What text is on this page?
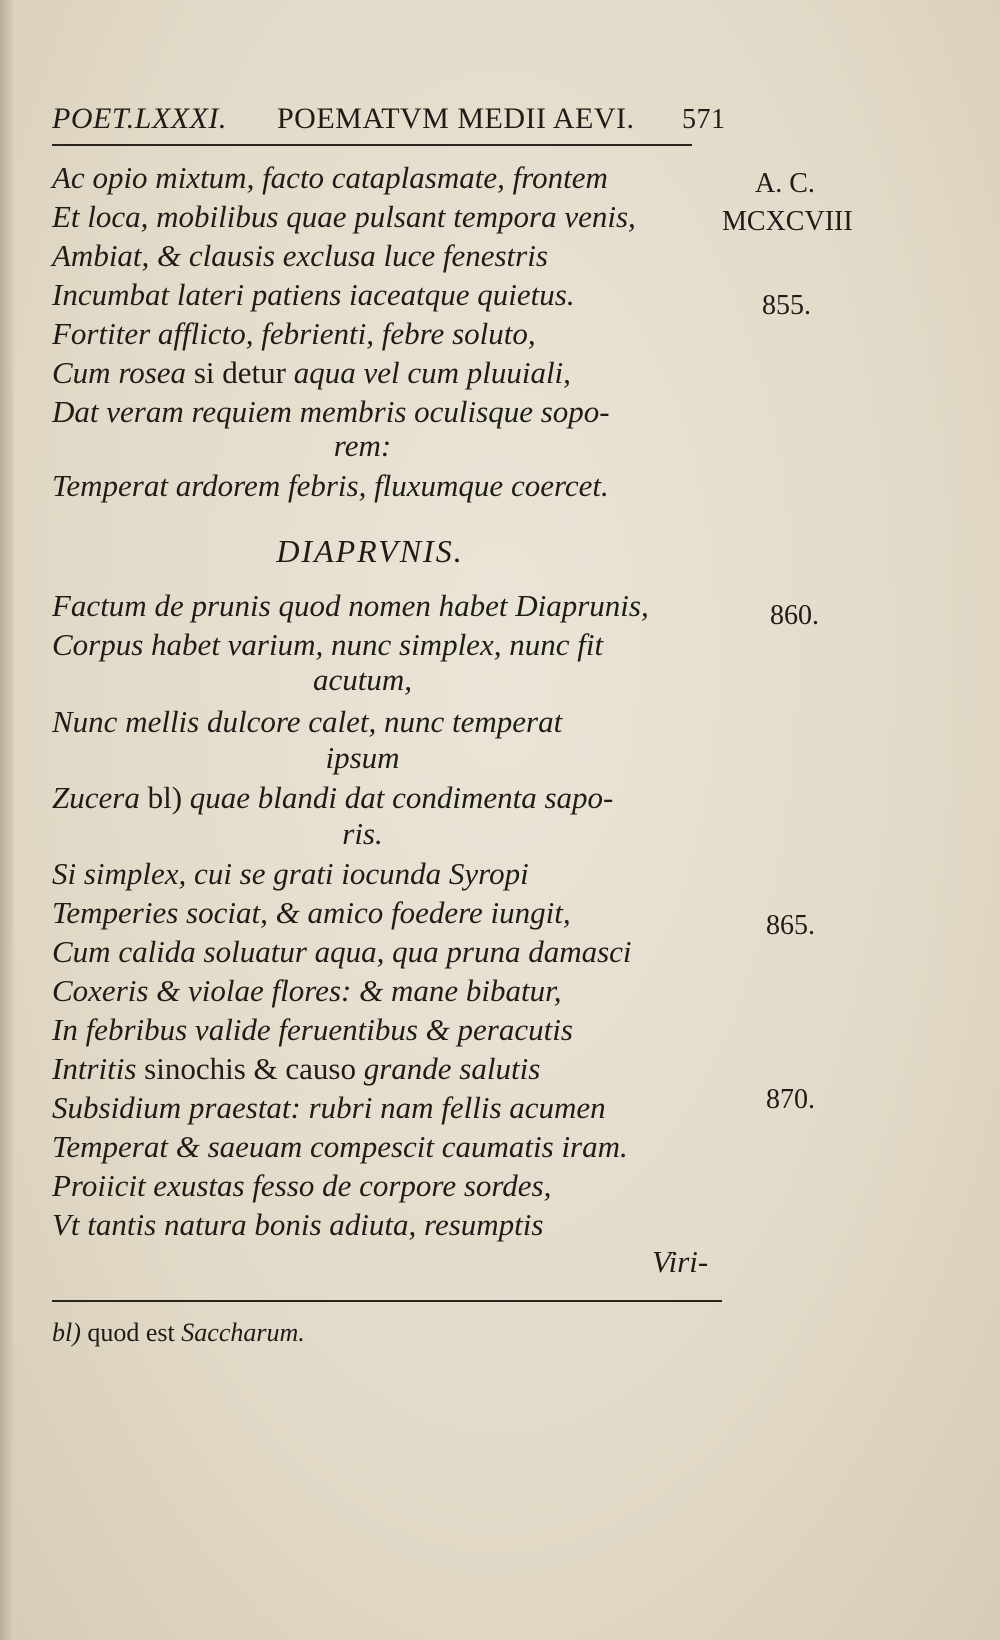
POET.LXXXI. POEMATVM MEDII AEVI. 571
A. C.
MCXCVIII
855.
860.
865.
870.
Ac opio mixtum, facto cataplasmate, frontem
Et loca, mobilibus quae pulsant tempora venis,
Ambiat, & clausis exclusa luce fenestris
Incumbat lateri patiens iaceatque quietus.
Fortiter afflicto, febrienti, febre soluto,
Cum rosea si detur aqua vel cum pluuiali,
Dat veram requiem membris oculisque sopo-
rem:
Temperat ardorem febris, fluxumque coercet.
DIAPRVNIS.
Factum de prunis quod nomen habet Diaprunis,
Corpus habet varium, nunc simplex, nunc fit
acutum,
Nunc mellis dulcore calet, nunc temperat
ipsum
Zucera bl) quae blandi dat condimenta sapo-
ris.
Si simplex, cui se grati iocunda Syropi
Temperies sociat, & amico foedere iungit,
Cum calida soluatur aqua, qua pruna damasci
Coxeris & violae flores: & mane bibatur,
In febribus valide feruentibus & peracutis
Intritis sinochis & causo grande salutis
Subsidium praestat: rubri nam fellis acumen
Temperat & saeuam compescit caumatis iram.
Proiicit exustas fesso de corpore sordes,
Vt tantis natura bonis adiuta, resumptis
Viri-
bl) quod est Saccharum.
